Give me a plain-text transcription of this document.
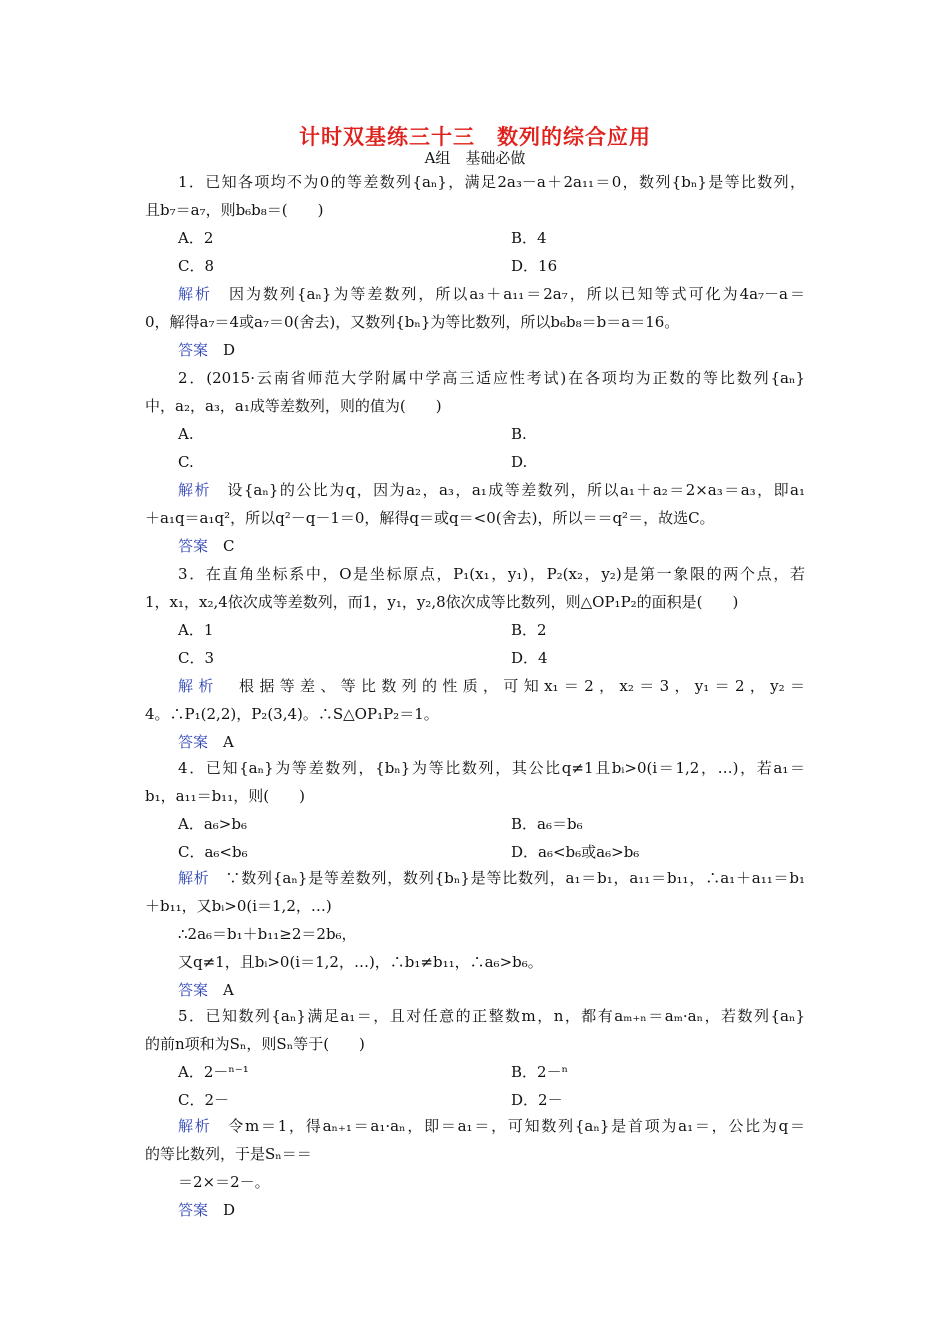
计时双基练三十三　数列的综合应用
A组　基础必做
1．已知各项均不为0的等差数列{aₙ}，满足2a₃－a＋2a₁₁＝0，数列{bₙ}是等比数列，
且b₇＝a₇，则b₆b₈＝(　　)
A．2	B．4
C．8	D．16
解析　因为数列{aₙ}为等差数列，所以a₃＋a₁₁＝2a₇，所以已知等式可化为4a₇－a＝
0，解得a₇＝4或a₇＝0(舍去)，又数列{bₙ}为等比数列，所以b₆b₈＝b＝a＝16。
答案　D
2．(2015·云南省师范大学附属中学高三适应性考试)在各项均为正数的等比数列{aₙ}
中，a₂，a₃，a₁成等差数列，则的值为(　　)
A.	B.
C.	D.
解析　设{aₙ}的公比为q，因为a₂，a₃，a₁成等差数列，所以a₁＋a₂＝2×a₃＝a₃，即a₁
＋a₁q＝a₁q²，所以q²－q－1＝0，解得q＝或q＝<0(舍去)，所以＝＝q²＝，故选C。
答案　C
3．在直角坐标系中，O是坐标原点，P₁(x₁，y₁)，P₂(x₂，y₂)是第一象限的两个点，若
1，x₁，x₂,4依次成等差数列，而1，y₁，y₂,8依次成等比数列，则△OP₁P₂的面积是(　　)
A．1	B．2
C．3	D．4
解析　根据等差、等比数列的性质，可知x₁＝2，x₂＝3，y₁＝2，y₂＝
4。∴P₁(2,2)，P₂(3,4)。∴S△OP₁P₂＝1。
答案　A
4．已知{aₙ}为等差数列，{bₙ}为等比数列，其公比q≠1且bᵢ>0(i＝1,2，…)，若a₁＝
b₁，a₁₁＝b₁₁，则(　　)
A．a₆>b₆	B．a₆＝b₆
C．a₆<b₆	D．a₆<b₆或a₆>b₆
解析　∵数列{aₙ}是等差数列，数列{bₙ}是等比数列，a₁＝b₁，a₁₁＝b₁₁，∴a₁＋a₁₁＝b₁
＋b₁₁，又bᵢ>0(i＝1,2，…)
∴2a₆＝b₁＋b₁₁≥2＝2b₆，
又q≠1，且bᵢ>0(i＝1,2，…)，∴b₁≠b₁₁，∴a₆>b₆。
答案　A
5．已知数列{aₙ}满足a₁＝，且对任意的正整数m，n，都有aₘ₊ₙ＝aₘ·aₙ，若数列{aₙ}
的前n项和为Sₙ，则Sₙ等于(　　)
A．2－ⁿ⁻¹	B．2－ⁿ
C．2－	D．2－
解析　令m＝1，得aₙ₊₁＝a₁·aₙ，即＝a₁＝，可知数列{aₙ}是首项为a₁＝，公比为q＝
的等比数列，于是Sₙ＝＝
＝2×＝2－。
答案　D
